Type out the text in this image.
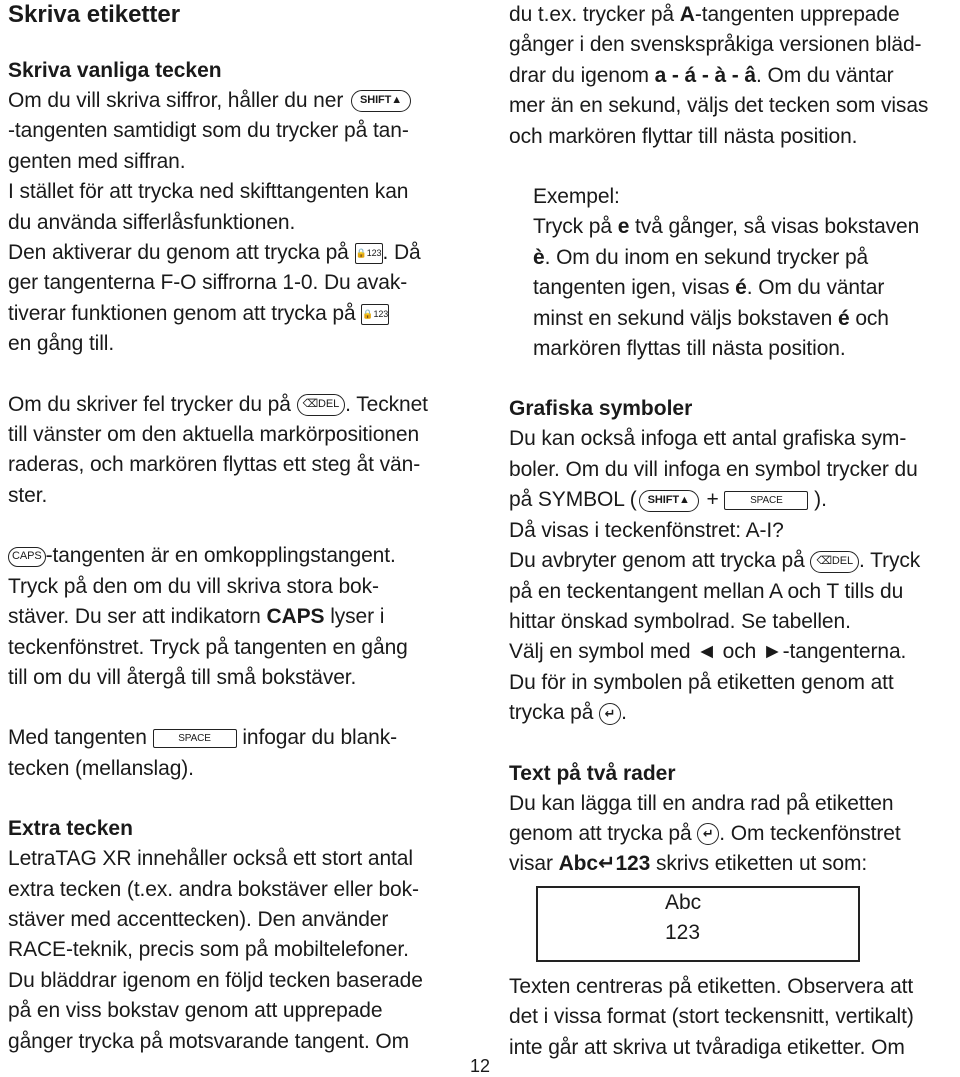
Skriva etiketter

Skriva vanliga tecken

Om du vill skriva siffror, håller du ner SHIFT▲

-tangenten samtidigt som du trycker på tan-

genten med siffran.

I stället för att trycka ned skifttangenten kan

du använda sifferlåsfunktionen.

Den aktiverar du genom att trycka på 🔒123. Då

ger tangenterna F-O siffrorna 1-0. Du avak-

tiverar funktionen genom att trycka på 🔒123

en gång till.

Om du skriver fel trycker du på ⌫DEL . Tecknet

till vänster om den aktuella markörpositionen

raderas, och markören flyttas ett steg åt vän-

ster.

CAPS -tangenten är en omkopplingstangent.

Tryck på den om du vill skriva stora bok-

stäver. Du ser att indikatorn CAPS lyser i

teckenfönstret. Tryck på tangenten en gång

till om du vill återgå till små bokstäver.

Med tangenten	SPACE infogar du blank-

tecken (mellanslag).

Extra tecken

LetraTAG XR innehåller också ett stort antal

extra tecken (t.ex. andra bokstäver eller bok-

stäver med accenttecken). Den använder

RACE-teknik, precis som på mobiltelefoner.

Du bläddrar igenom en följd tecken baserade

på en viss bokstav genom att upprepade

gånger trycka på motsvarande tangent. Om

du t.ex. trycker på A-tangenten upprepade

gånger i den svenskspråkiga versionen bläd-

drar du igenom a - á - à - â. Om du väntar

mer än en sekund, väljs det tecken som visas

och markören flyttar till nästa position.

Exempel:

Tryck på e två gånger, så visas bokstaven

è. Om du inom en sekund trycker på

tangenten igen, visas é. Om du väntar

minst en sekund väljs bokstaven é och

markören flyttas till nästa position.

Grafiska symboler

Du kan också infoga ett antal grafiska sym-

boler. Om du vill infoga en symbol trycker du

på SYMBOL ( SHIFT▲ +	SPACE ).

Då visas i teckenfönstret: A-I?

Du avbryter genom att trycka på ⌫DEL . Tryck

på en teckentangent mellan A och T tills du

hittar önskad symbolrad. Se tabellen.

Välj en symbol med ◄ och ►-tangenterna.

Du för in symbolen på etiketten genom att

trycka på ↵ .

Text på två rader

Du kan lägga till en andra rad på etiketten

genom att trycka på ↵ . Om teckenfönstret

visar Abc↵123 skrivs etiketten ut som:

Abc
123

Texten centreras på etiketten. Observera att

det i vissa format (stort teckensnitt, vertikalt)

inte går att skriva ut tvåradiga etiketter. Om

12
